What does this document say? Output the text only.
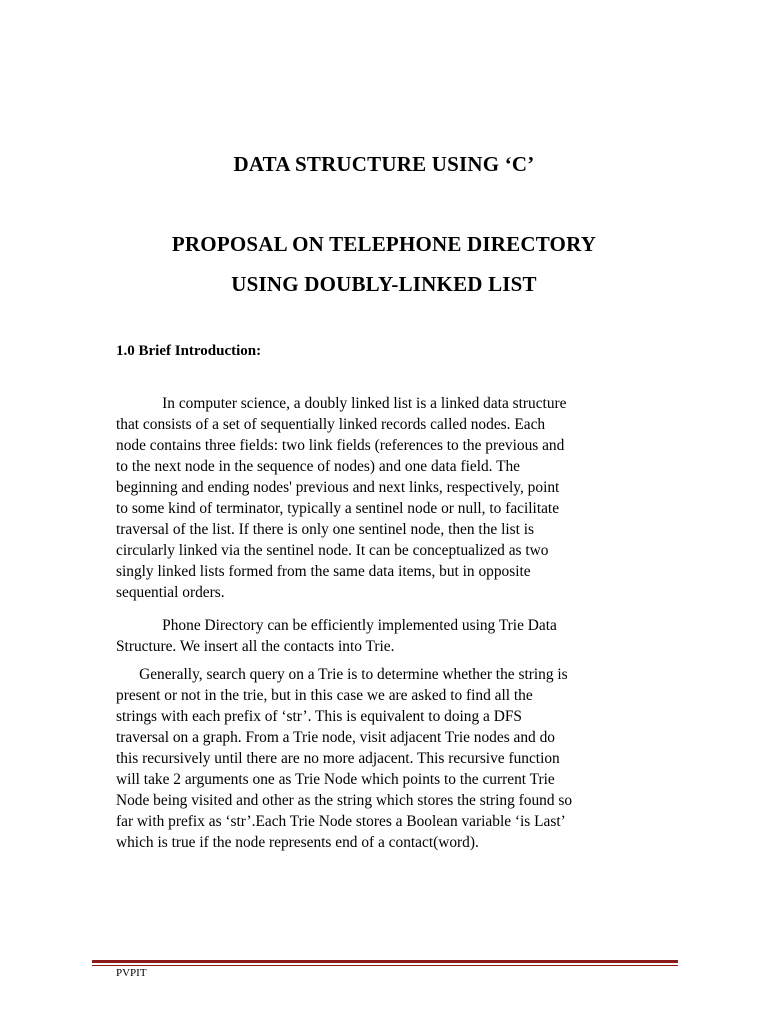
DATA STRUCTURE USING ‘C’
PROPOSAL ON TELEPHONE DIRECTORY
USING DOUBLY-LINKED LIST
1.0 Brief Introduction:
In computer science, a doubly linked list is a linked data structure
that consists of a set of sequentially linked records called nodes. Each
node contains three fields: two link fields (references to the previous and
to the next node in the sequence of nodes) and one data field. The
beginning and ending nodes' previous and next links, respectively, point
to some kind of terminator, typically a sentinel node or null, to facilitate
traversal of the list. If there is only one sentinel node, then the list is
circularly linked via the sentinel node. It can be conceptualized as two
singly linked lists formed from the same data items, but in opposite
sequential orders.
Phone Directory can be efficiently implemented using Trie Data
Structure. We insert all the contacts into Trie.
Generally, search query on a Trie is to determine whether the string is
present or not in the trie, but in this case we are asked to find all the
strings with each prefix of ‘str’. This is equivalent to doing a DFS
traversal on a graph. From a Trie node, visit adjacent Trie nodes and do
this recursively until there are no more adjacent. This recursive function
will take 2 arguments one as Trie Node which points to the current Trie
Node being visited and other as the string which stores the string found so
far with prefix as ‘str’.Each Trie Node stores a Boolean variable ‘is Last’
which is true if the node represents end of a contact(word).
PVPIT
